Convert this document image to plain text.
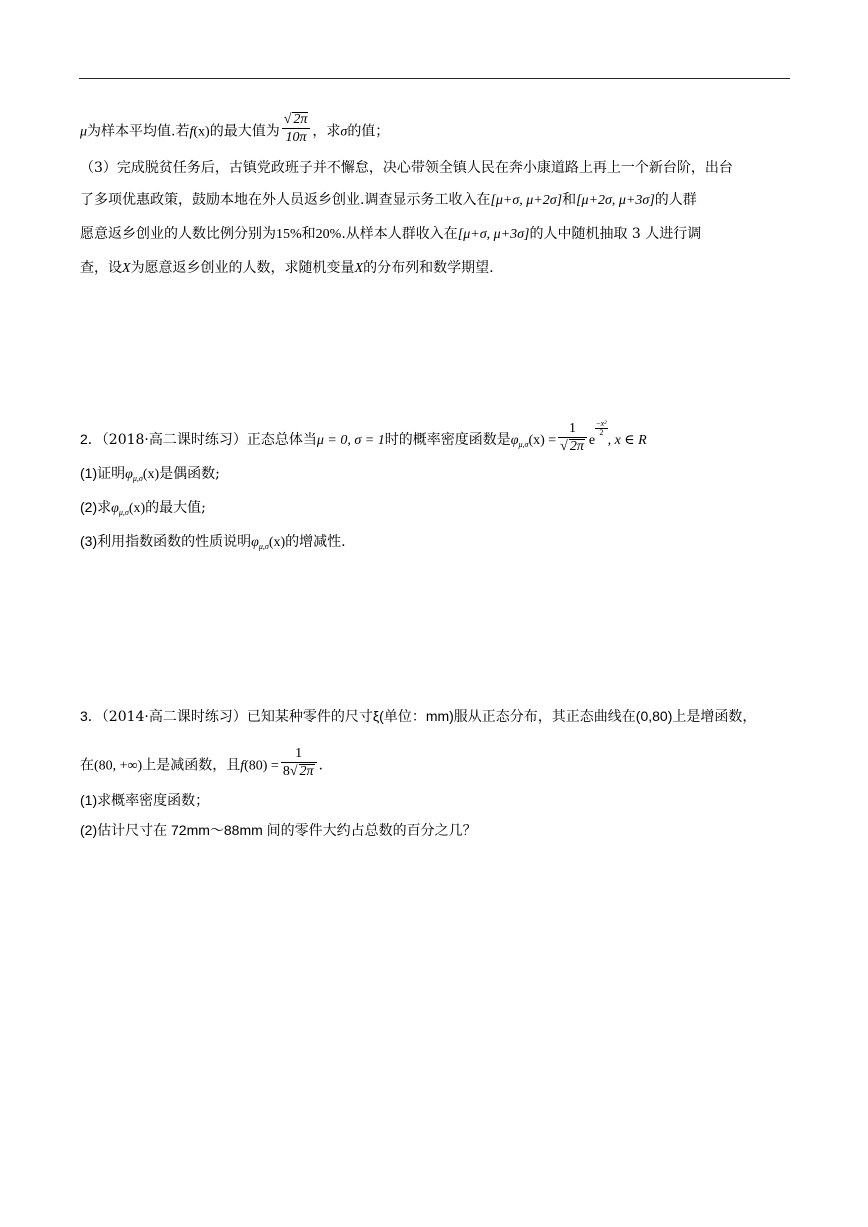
μ为样本平均值.若f(x)的最大值为 $\frac{√ 2\pi}{10\pi}$ ，求σ的值；
（3）完成脱贫任务后，古镇党政班子并不懈怠，决心带领全镇人民在奔小康道路上再上一个新台阶，出台
了多项优惠政策，鼓励本地在外人员返乡创业.调查显示务工收入在[μ+σ, μ+2σ]和[μ+2σ, μ+3σ]的人群
愿意返乡创业的人数比例分别为15%和20%.从样本人群收入在[μ+σ, μ+3σ]的人中随机抽取 3 人进行调
查，设X为愿意返乡创业的人数，求随机变量X的分布列和数学期望.
2．（2018·高二课时练习）正态总体当μ = 0, σ = 1时的概率密度函数是$\varphi_{\mu,\sigma}(x) = \frac{1}{√ 2\pi}$ e
$\frac{\text{−x²}}{2}$
, x ∈ R
(1)证明$\varphi_{\mu,\sigma}(x)$是偶函数;
(2)求$\varphi_{\mu,\sigma}(x)$的最大值;
(3)利用指数函数的性质说明$\varphi_{\mu,\sigma}(x)$的增减性.
3．（2014·高二课时练习）已知某种零件的尺寸ξ(单位：mm)服从正态分布，其正态曲线在(0,80)上是增函数，
在(80, +∞)上是减函数，且$f(80) = \frac{1}{8√ 2\pi}$ .
(1)求概率密度函数；
(2)估计尺寸在 72mm～88mm 间的零件大约占总数的百分之几？
